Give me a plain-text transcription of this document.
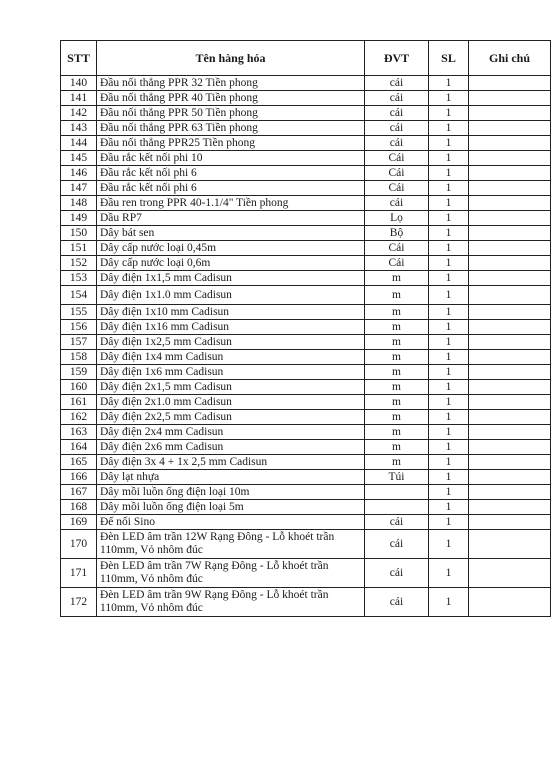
STT	Tên hàng hóa	ĐVT	SL	Ghi chú
140	Đầu nối thẳng PPR 32 Tiền phong	cái	1	
141	Đầu nối thẳng PPR 40 Tiền phong	cái	1	
142	Đầu nối thẳng PPR 50 Tiền phong	cái	1	
143	Đầu nối thẳng PPR 63 Tiền phong	cái	1	
144	Đầu nối thẳng PPR25 Tiền phong	cái	1	
145	Đầu rắc kết nối phi 10	Cái	1	
146	Đầu rắc kết nối phi 6	Cái	1	
147	Đầu rắc kết nối phi 6	Cái	1	
148	Đầu ren trong PPR 40-1.1/4" Tiền phong	cái	1	
149	Dầu RP7	Lọ	1	
150	Dây bát sen	Bộ	1	
151	Dây cấp nước loại 0,45m	Cái	1	
152	Dây cấp nước loại 0,6m	Cái	1	
153	Dây điện 1x1,5 mm Cadisun	m	1	
154	Dây điện 1x1.0 mm Cadisun	m	1	
155	Dây điện 1x10 mm Cadisun	m	1	
156	Dây điện 1x16 mm Cadisun	m	1	
157	Dây điện 1x2,5 mm Cadisun	m	1	
158	Dây điện 1x4 mm Cadisun	m	1	
159	Dây điện 1x6 mm Cadisun	m	1	
160	Dây điện 2x1,5 mm Cadisun	m	1	
161	Dây điện 2x1.0 mm Cadisun	m	1	
162	Dây điện 2x2,5 mm Cadisun	m	1	
163	Dây điện 2x4 mm Cadisun	m	1	
164	Dây điện 2x6 mm Cadisun	m	1	
165	Dây điện 3x 4 + 1x 2,5 mm Cadisun	m	1	
166	Dây lạt nhựa	Túi	1	
167	Dây mồi luồn ống điện loại 10m		1	
168	Dây mồi luồn ống điện loại 5m		1	
169	Đế nối Sino	cái	1	
170	Đèn LED âm trần 12W Rạng Đông - Lỗ khoét trần 110mm, Vỏ nhôm đúc	cái	1	
171	Đèn LED âm trần 7W Rạng Đông - Lỗ khoét trần 110mm, Vỏ nhôm đúc	cái	1	
172	Đèn LED âm trần 9W Rạng Đông - Lỗ khoét trần 110mm, Vỏ nhôm đúc	cái	1	
